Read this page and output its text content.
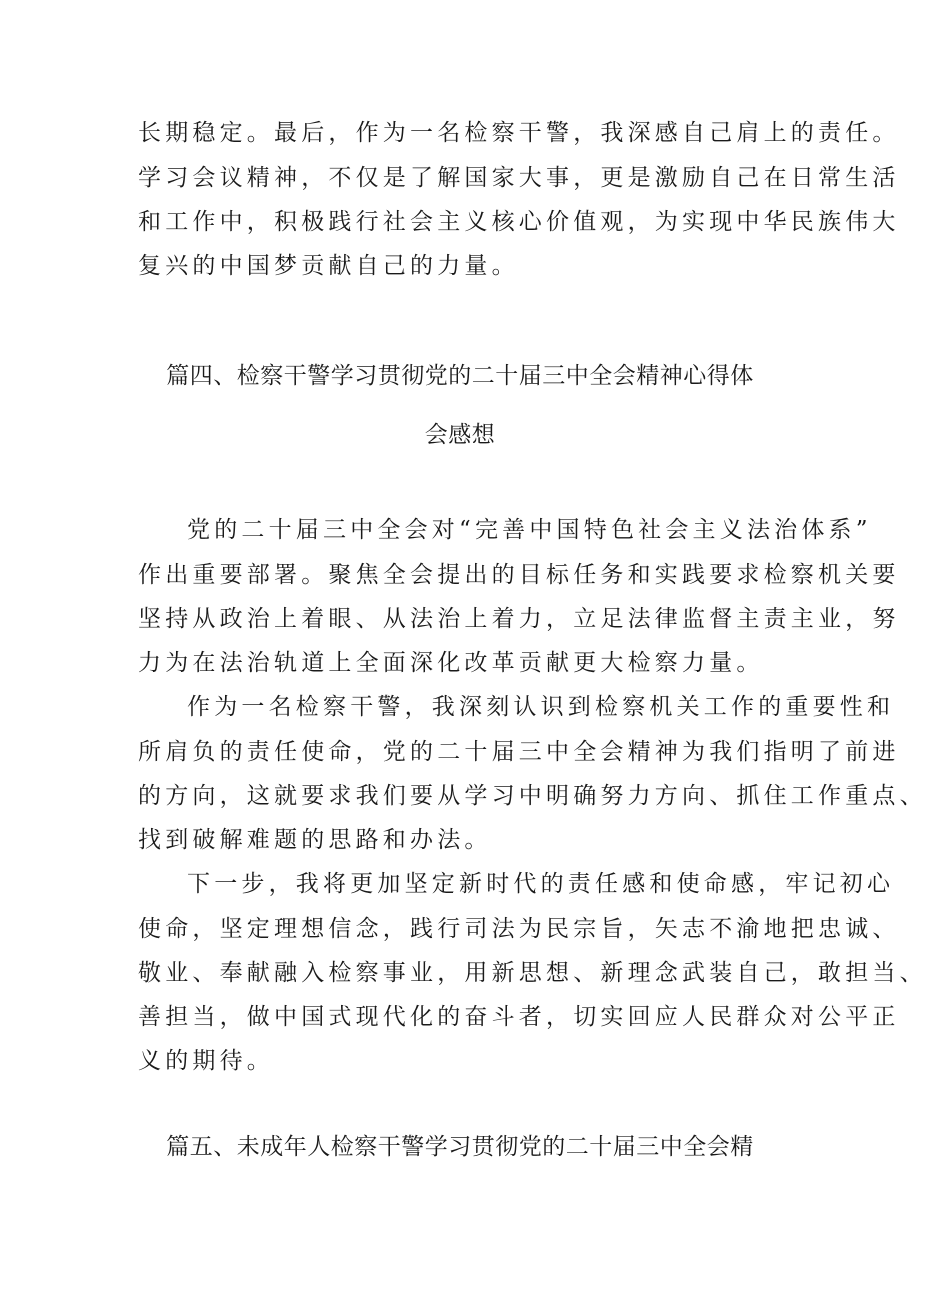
长期稳定。最后，作为一名检察干警，我深感自己肩上的责任。
学习会议精神，不仅是了解国家大事，更是激励自己在日常生活
和工作中，积极践行社会主义核心价值观，为实现中华民族伟大
复兴的中国梦贡献自己的力量。
篇四、检察干警学习贯彻党的二十届三中全会精神心得体
会感想
党的二十届三中全会对“完善中国特色社会主义法治体系”
作出重要部署。聚焦全会提出的目标任务和实践要求检察机关要
坚持从政治上着眼、从法治上着力，立足法律监督主责主业，努
力为在法治轨道上全面深化改革贡献更大检察力量。
作为一名检察干警，我深刻认识到检察机关工作的重要性和
所肩负的责任使命，党的二十届三中全会精神为我们指明了前进
的方向，这就要求我们要从学习中明确努力方向、抓住工作重点、
找到破解难题的思路和办法。
下一步，我将更加坚定新时代的责任感和使命感，牢记初心
使命，坚定理想信念，践行司法为民宗旨，矢志不渝地把忠诚、
敬业、奉献融入检察事业，用新思想、新理念武装自己，敢担当、
善担当，做中国式现代化的奋斗者，切实回应人民群众对公平正
义的期待。
篇五、未成年人检察干警学习贯彻党的二十届三中全会精
